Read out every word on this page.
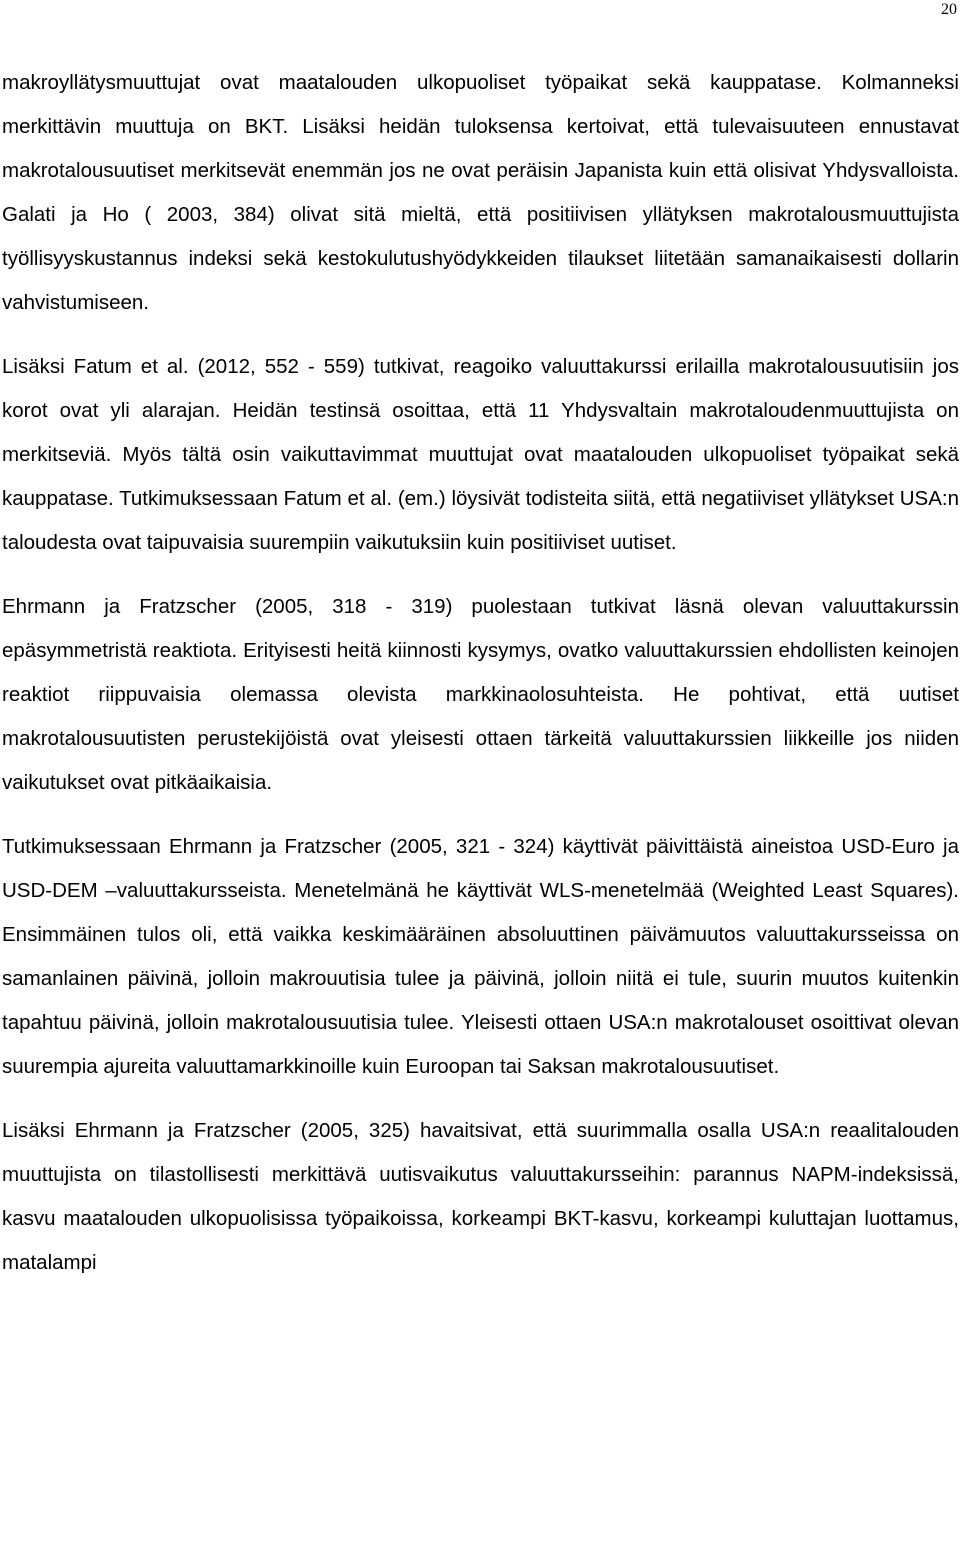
20

makroyllätysmuuttujat ovat maatalouden ulkopuoliset työpaikat sekä kauppatase. Kolmanneksi merkittävin muuttuja on BKT. Lisäksi heidän tuloksensa kertoivat, että tulevaisuuteen ennustavat makrotalousuutiset merkitsevät enemmän jos ne ovat peräisin Japanista kuin että olisivat Yhdysvalloista. Galati ja Ho ( 2003, 384) olivat sitä mieltä, että positiivisen yllätyksen makrotalousmuuttujista työllisyyskustannus indeksi sekä kestokulutushyödykkeiden tilaukset liitetään samanaikaisesti dollarin vahvistumiseen.

Lisäksi Fatum et al. (2012, 552 - 559) tutkivat, reagoiko valuuttakurssi erilailla makrotalousuutisiin jos korot ovat yli alarajan. Heidän testinsä osoittaa, että 11 Yhdysvaltain makrotaloudenmuuttujista on merkitseviä. Myös tältä osin vaikuttavimmat muuttujat ovat maatalouden ulkopuoliset työpaikat sekä kauppatase. Tutkimuksessaan Fatum et al. (em.) löysivät todisteita siitä, että negatiiviset yllätykset USA:n taloudesta ovat taipuvaisia suurempiin vaikutuksiin kuin positiiviset uutiset.

Ehrmann ja Fratzscher (2005, 318 - 319) puolestaan tutkivat läsnä olevan valuuttakurssin epäsymmetristä reaktiota. Erityisesti heitä kiinnosti kysymys, ovatko valuuttakurssien ehdollisten keinojen reaktiot riippuvaisia olemassa olevista markkinaolosuhteista. He pohtivat, että uutiset makrotalousuutisten perustekijöistä ovat yleisesti ottaen tärkeitä valuuttakurssien liikkeille jos niiden vaikutukset ovat pitkäaikaisia.

Tutkimuksessaan Ehrmann ja Fratzscher (2005, 321 - 324) käyttivät päivittäistä aineistoa USD-Euro ja USD-DEM –valuuttakursseista. Menetelmänä he käyttivät WLS-menetelmää (Weighted Least Squares). Ensimmäinen tulos oli, että vaikka keskimääräinen absoluuttinen päivämuutos valuuttakursseissa on samanlainen päivinä, jolloin makrouutisia tulee ja päivinä, jolloin niitä ei tule, suurin muutos kuitenkin tapahtuu päivinä, jolloin makrotalousuutisia tulee. Yleisesti ottaen USA:n makrotalouset osoittivat olevan suurempia ajureita valuuttamarkkinoille kuin Euroopan tai Saksan makrotalousuutiset.

Lisäksi Ehrmann ja Fratzscher (2005, 325) havaitsivat, että suurimmalla osalla USA:n reaalitalouden muuttujista on tilastollisesti merkittävä uutisvaikutus valuuttakursseihin: parannus NAPM-indeksissä, kasvu maatalouden ulkopuolisissa työpaikoissa, korkeampi BKT-kasvu, korkeampi kuluttajan luottamus, matalampi
